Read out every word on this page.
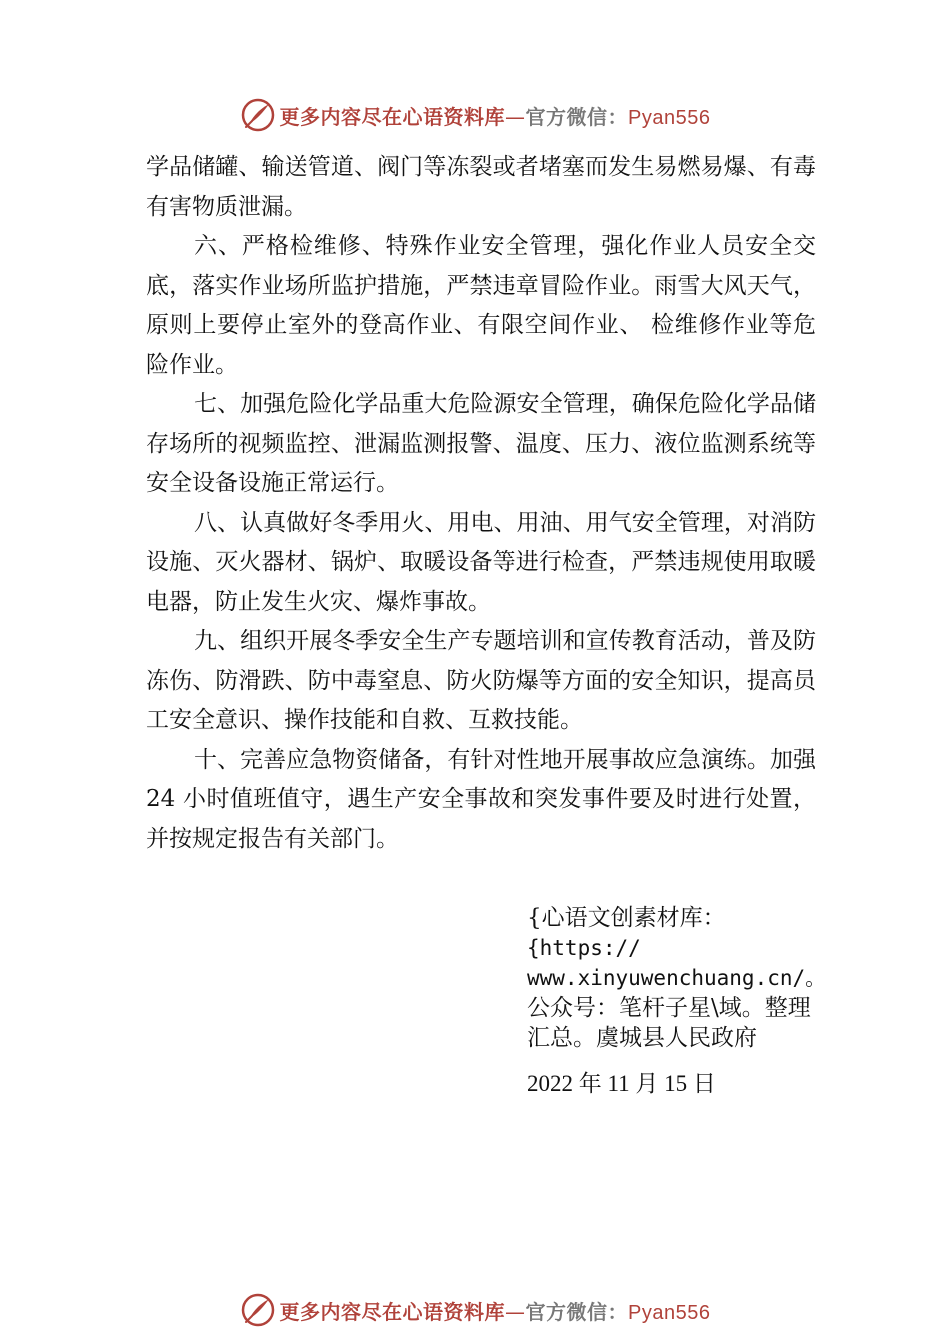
更多内容尽在心语资料库—官方微信：Pyan556

学品储罐、输送管道、阀门等冻裂或者堵塞而发生易燃易爆、有毒有害物质泄漏。

六、严格检维修、特殊作业安全管理，强化作业人员安全交底，落实作业场所监护措施，严禁违章冒险作业。雨雪大风天气，原则上要停止室外的登高作业、有限空间作业、 检维修作业等危险作业。

七、加强危险化学品重大危险源安全管理，确保危险化学品储存场所的视频监控、泄漏监测报警、温度、压力、液位监测系统等安全设备设施正常运行。

八、认真做好冬季用火、用电、用油、用气安全管理，对消防设施、灭火器材、锅炉、取暖设备等进行检查，严禁违规使用取暖电器，防止发生火灾、爆炸事故。

九、组织开展冬季安全生产专题培训和宣传教育活动，普及防冻伤、防滑跌、防中毒窒息、防火防爆等方面的安全知识，提高员工安全意识、操作技能和自救、互救技能。

十、完善应急物资储备，有针对性地开展事故应急演练。加强 24 小时值班值守，遇生产安全事故和突发事件要及时进行处置，并按规定报告有关部门。

{心语文创素材库：
{https://
www.xinyuwenchuang.cn/。
公众号：笔杆子星\域。整理汇总。虞城县人民政府
2022 年 11 月 15 日
更多内容尽在心语资料库—官方微信：Pyan556
